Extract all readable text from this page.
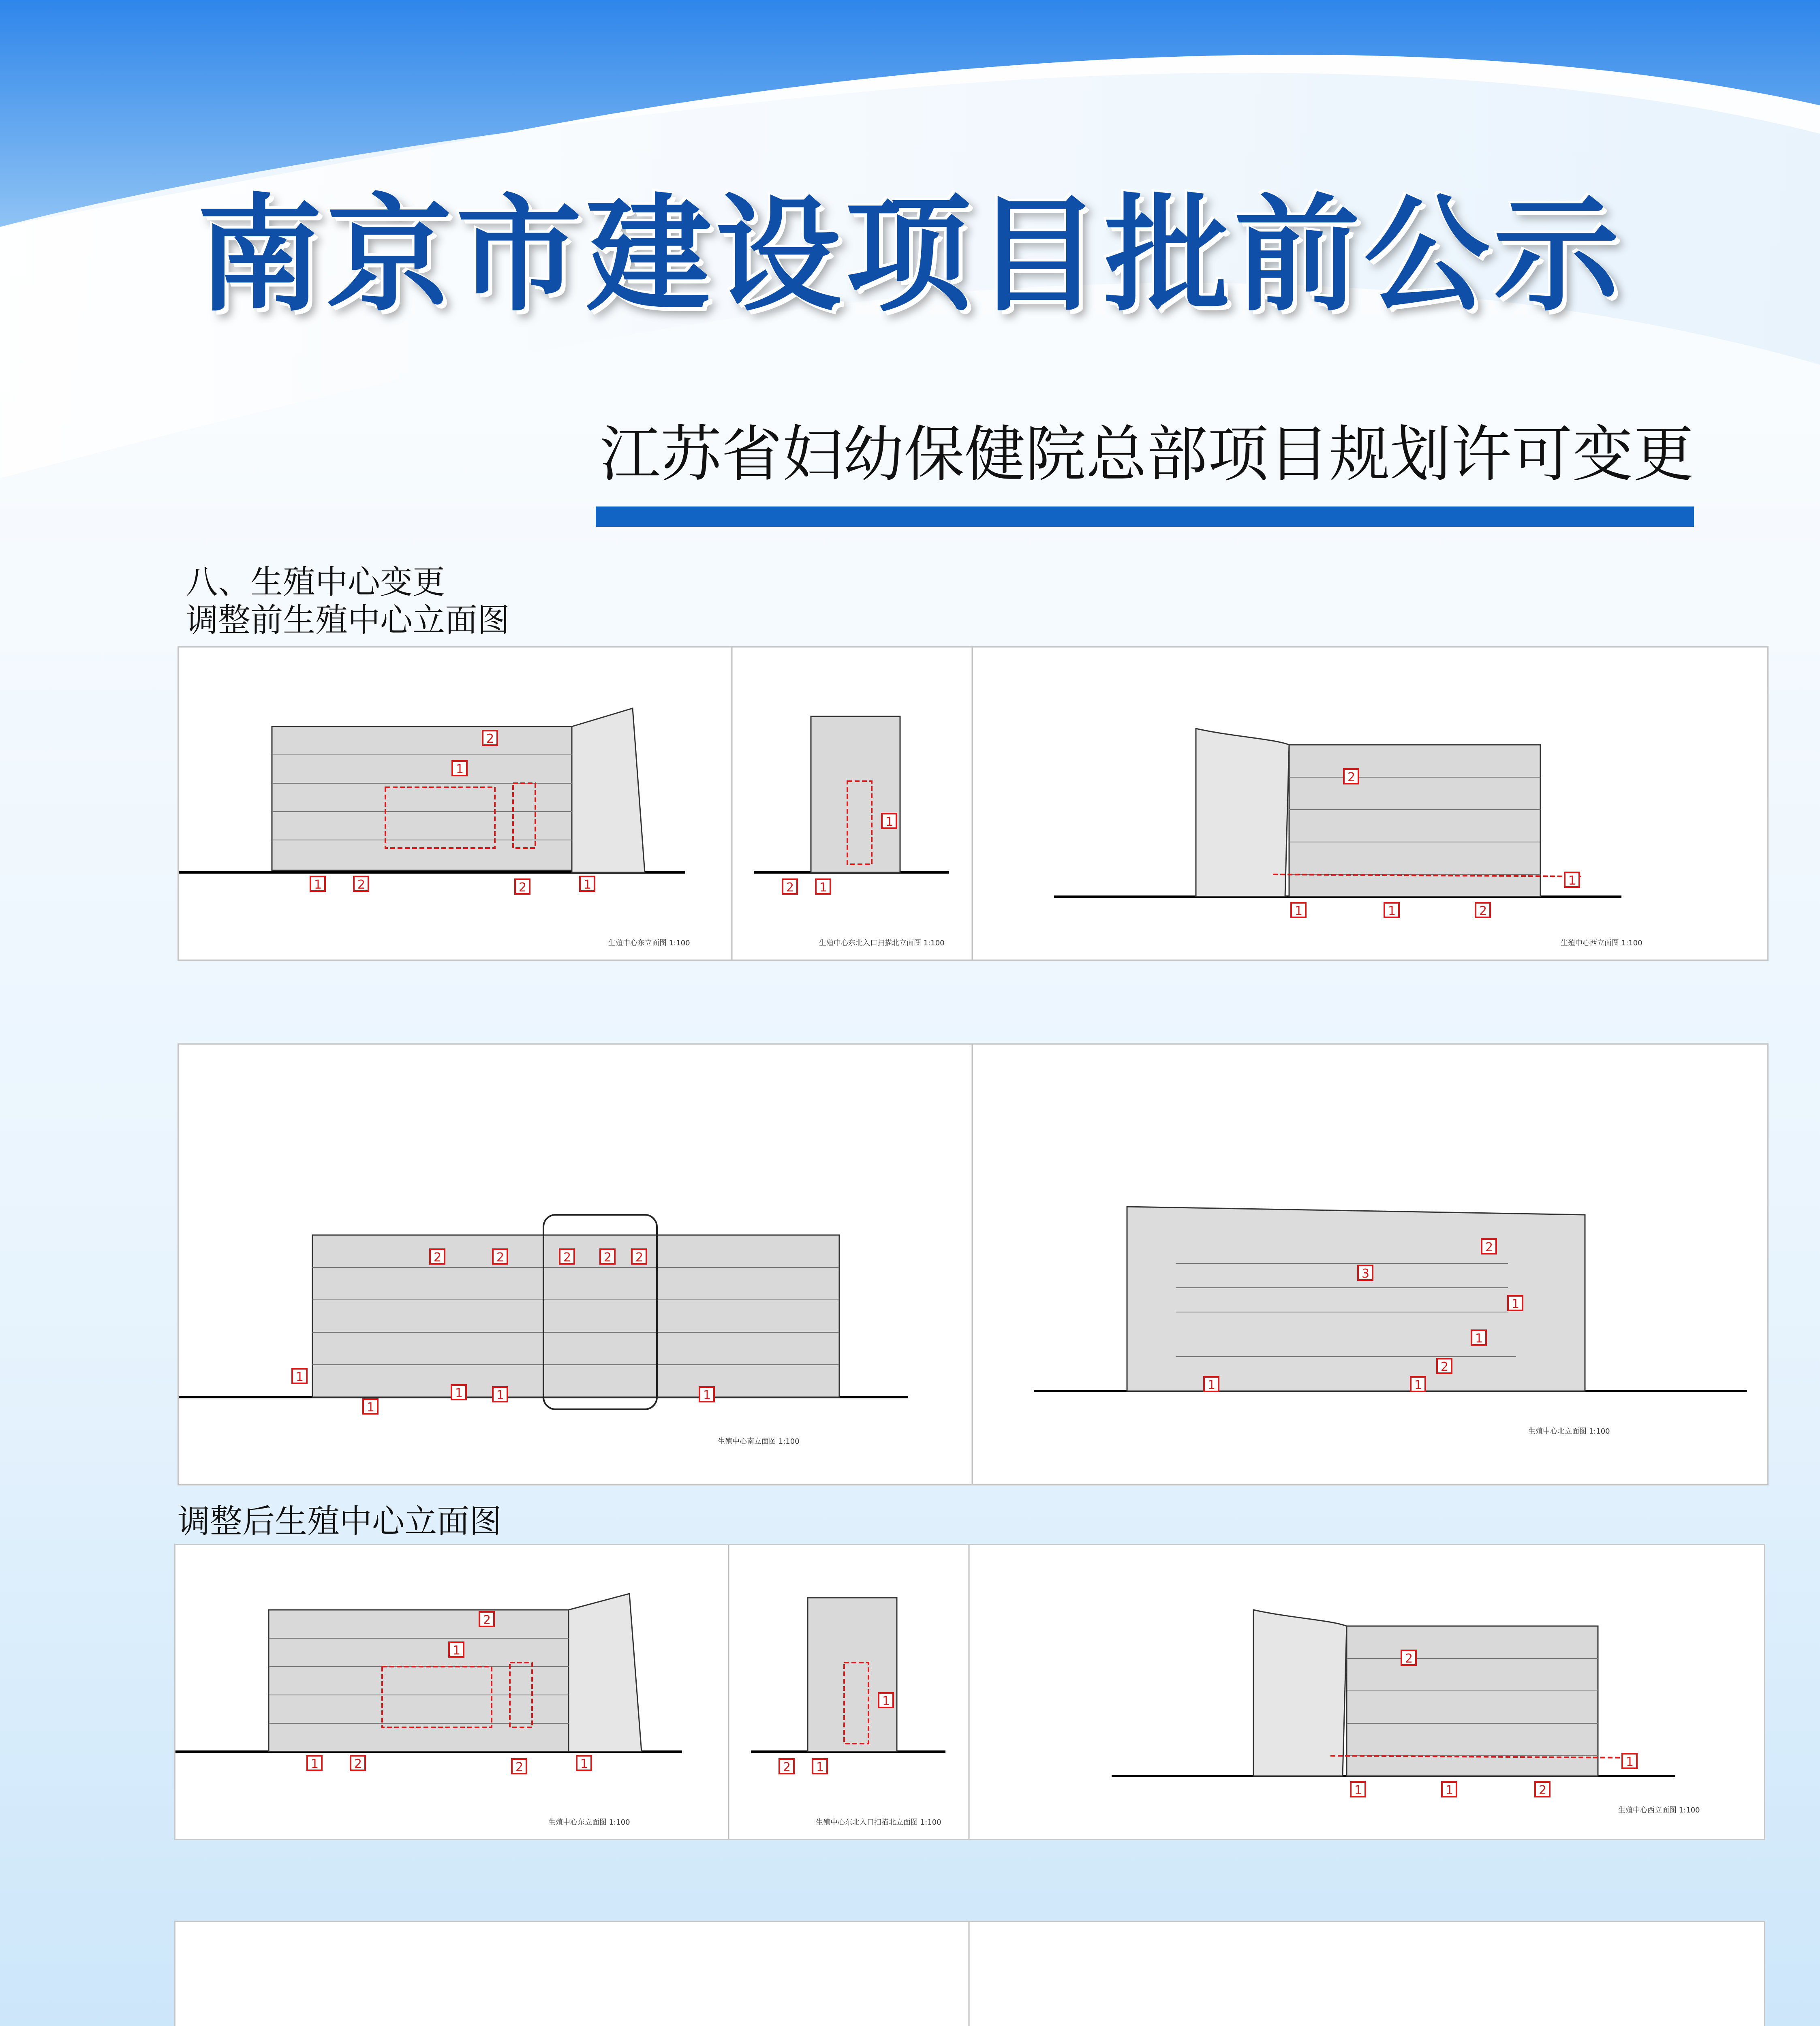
南京市建设项目批前公示
江苏省妇幼保健院总部项目规划许可变更
八、生殖中心变更
调整前生殖中心立面图
2
1
1	2	2	1
1
2 1
2
1	1	2
1
生殖中心东立面图 1:100	生殖中心东北入口扫描北立面图 1:100	生殖中心西立面图 1:100
2	2	2	2 2
1
1
1	1	1
2
3
1
1
2
1	1
生殖中心南立面图 1:100
生殖中心北立面图 1:100
调整后生殖中心立面图
2
1
1	2	2	1
1
2 1
2
1	1	2
1
生殖中心东立面图 1:100	生殖中心东北入口扫描北立面图 1:100
生殖中心西立面图 1:100
